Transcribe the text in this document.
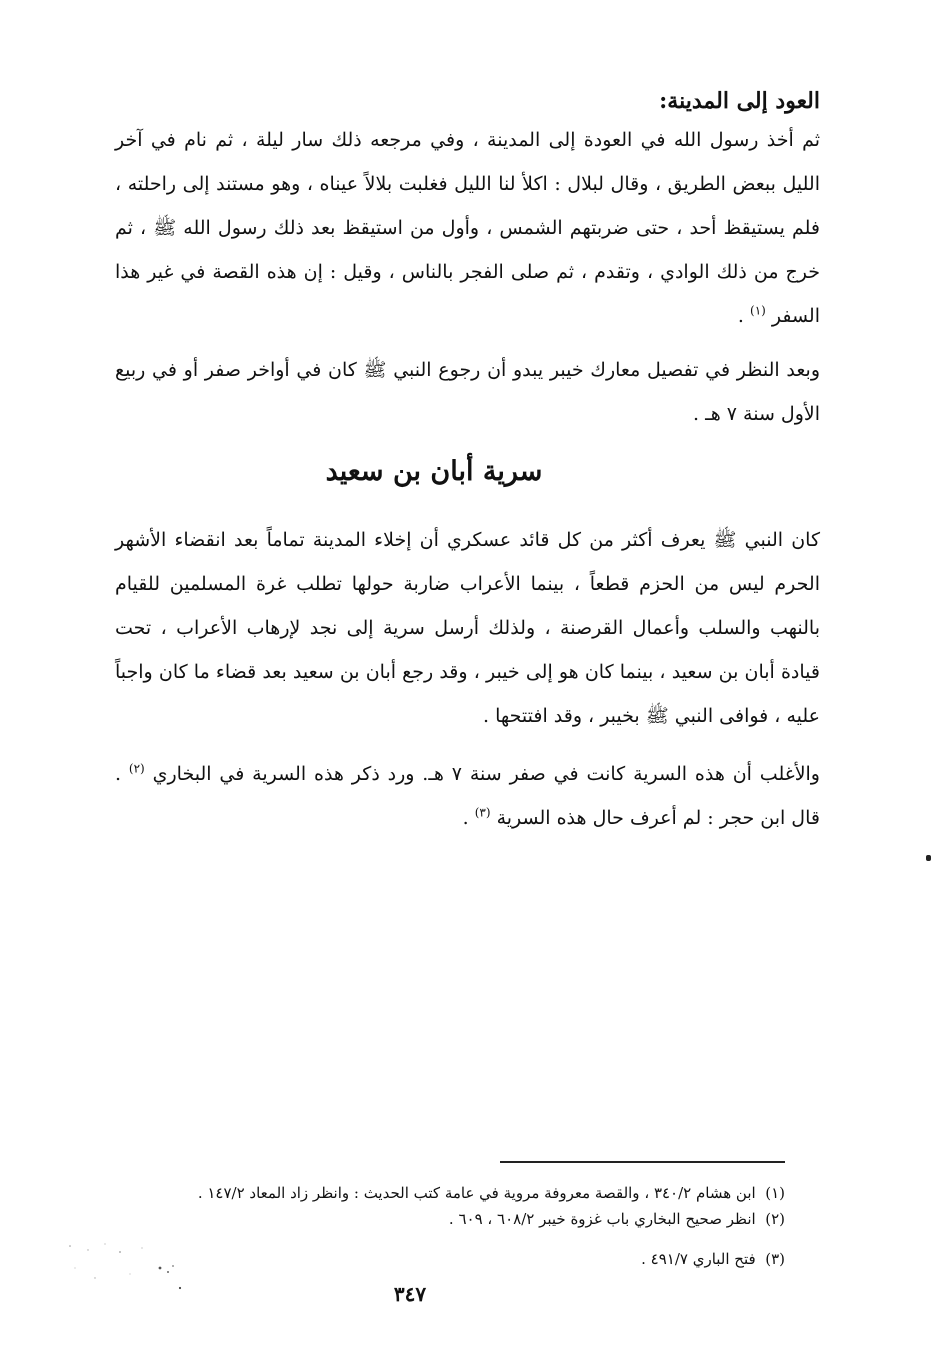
العود إلى المدينة:

ثم أخذ رسول الله في العودة إلى المدينة ، وفي مرجعه ذلك سار ليلة ، ثم نام في آخر الليل ببعض الطريق ، وقال لبلال : اكلأ لنا الليل فغلبت بلالاً عيناه ، وهو مستند إلى راحلته ، فلم يستيقظ أحد ، حتى ضربتهم الشمس ، وأول من استيقظ بعد ذلك رسول الله ﷺ ، ثم خرج من ذلك الوادي ، وتقدم ، ثم صلى الفجر بالناس ، وقيل : إن هذه القصة في غير هذا السفر $^{(١)}$ .

وبعد النظر في تفصيل معارك خيبر يبدو أن رجوع النبي ﷺ كان في أواخر صفر أو في ربيع الأول سنة ٧ هـ .

سرية أبان بن سعيد

كان النبي ﷺ يعرف أكثر من كل قائد عسكري أن إخلاء المدينة تماماً بعد انقضاء الأشهر الحرم ليس من الحزم قطعاً ، بينما الأعراب ضاربة حولها تطلب غرة المسلمين للقيام بالنهب والسلب وأعمال القرصنة ، ولذلك أرسل سرية إلى نجد لإرهاب الأعراب ، تحت قيادة أبان بن سعيد ، بينما كان هو إلى خيبر ، وقد رجع أبان بن سعيد بعد قضاء ما كان واجباً عليه ، فوافى النبي ﷺ بخيبر ، وقد افتتحها .

والأغلب أن هذه السرية كانت في صفر سنة ٧ هـ. ورد ذكر هذه السرية في البخاري $^{(٢)}$ . قال ابن حجر : لم أعرف حال هذه السرية $^{(٣)}$ .

(١)  ابن هشام ٣٤٠/٢ ، والقصة معروفة مروية في عامة كتب الحديث : وانظر زاد المعاد ١٤٧/٢ .

(٢)  انظر صحيح البخاري باب غزوة خيبر ٦٠٨/٢ ، ٦٠٩ .

(٣)  فتح الباري ٤٩١/٧ .

٣٤٧
